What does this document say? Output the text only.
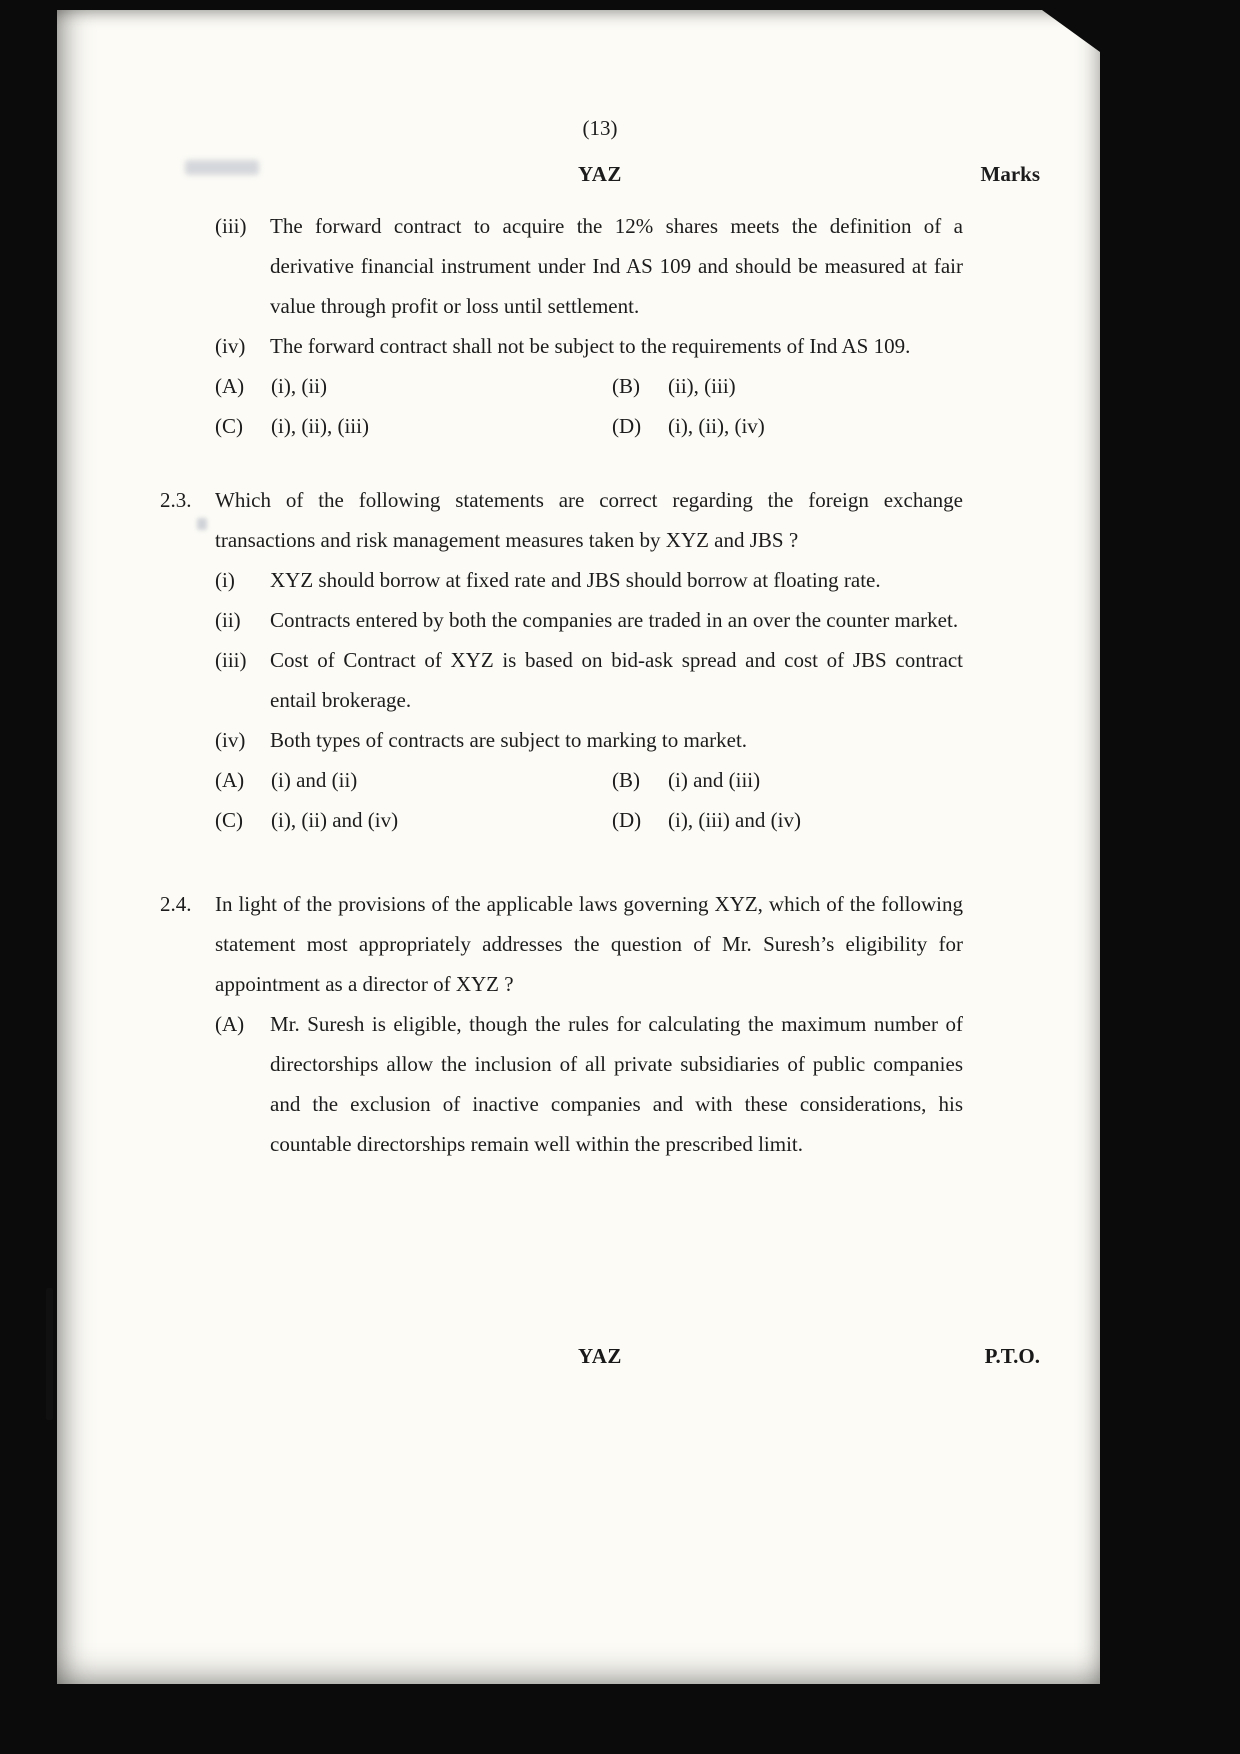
(13)
YAZ	Marks
(iii)	The forward contract to acquire the 12% shares meets the definition of a derivative financial instrument under Ind AS 109 and should be measured at fair value through profit or loss until settlement.
(iv)	The forward contract shall not be subject to the requirements of Ind AS 109.
(A)	(i), (ii)	(B)	(ii), (iii)
(C)	(i), (ii), (iii)	(D)	(i), (ii), (iv)
2.3.	Which of the following statements are correct regarding the foreign exchange transactions and risk management measures taken by XYZ and JBS ?
(i)	XYZ should borrow at fixed rate and JBS should borrow at floating rate.
(ii)	Contracts entered by both the companies are traded in an over the counter market.
(iii)	Cost of Contract of XYZ is based on bid-ask spread and cost of JBS contract entail brokerage.
(iv)	Both types of contracts are subject to marking to market.
(A)	(i) and (ii)	(B)	(i) and (iii)
(C)	(i), (ii) and (iv)	(D)	(i), (iii) and (iv)
2.4.	In light of the provisions of the applicable laws governing XYZ, which of the following statement most appropriately addresses the question of Mr. Suresh’s eligibility for appointment as a director of XYZ ?
(A)	Mr. Suresh is eligible, though the rules for calculating the maximum number of directorships allow the inclusion of all private subsidiaries of public companies and the exclusion of inactive companies and with these considerations, his countable directorships remain well within the prescribed limit.
YAZ	P.T.O.
